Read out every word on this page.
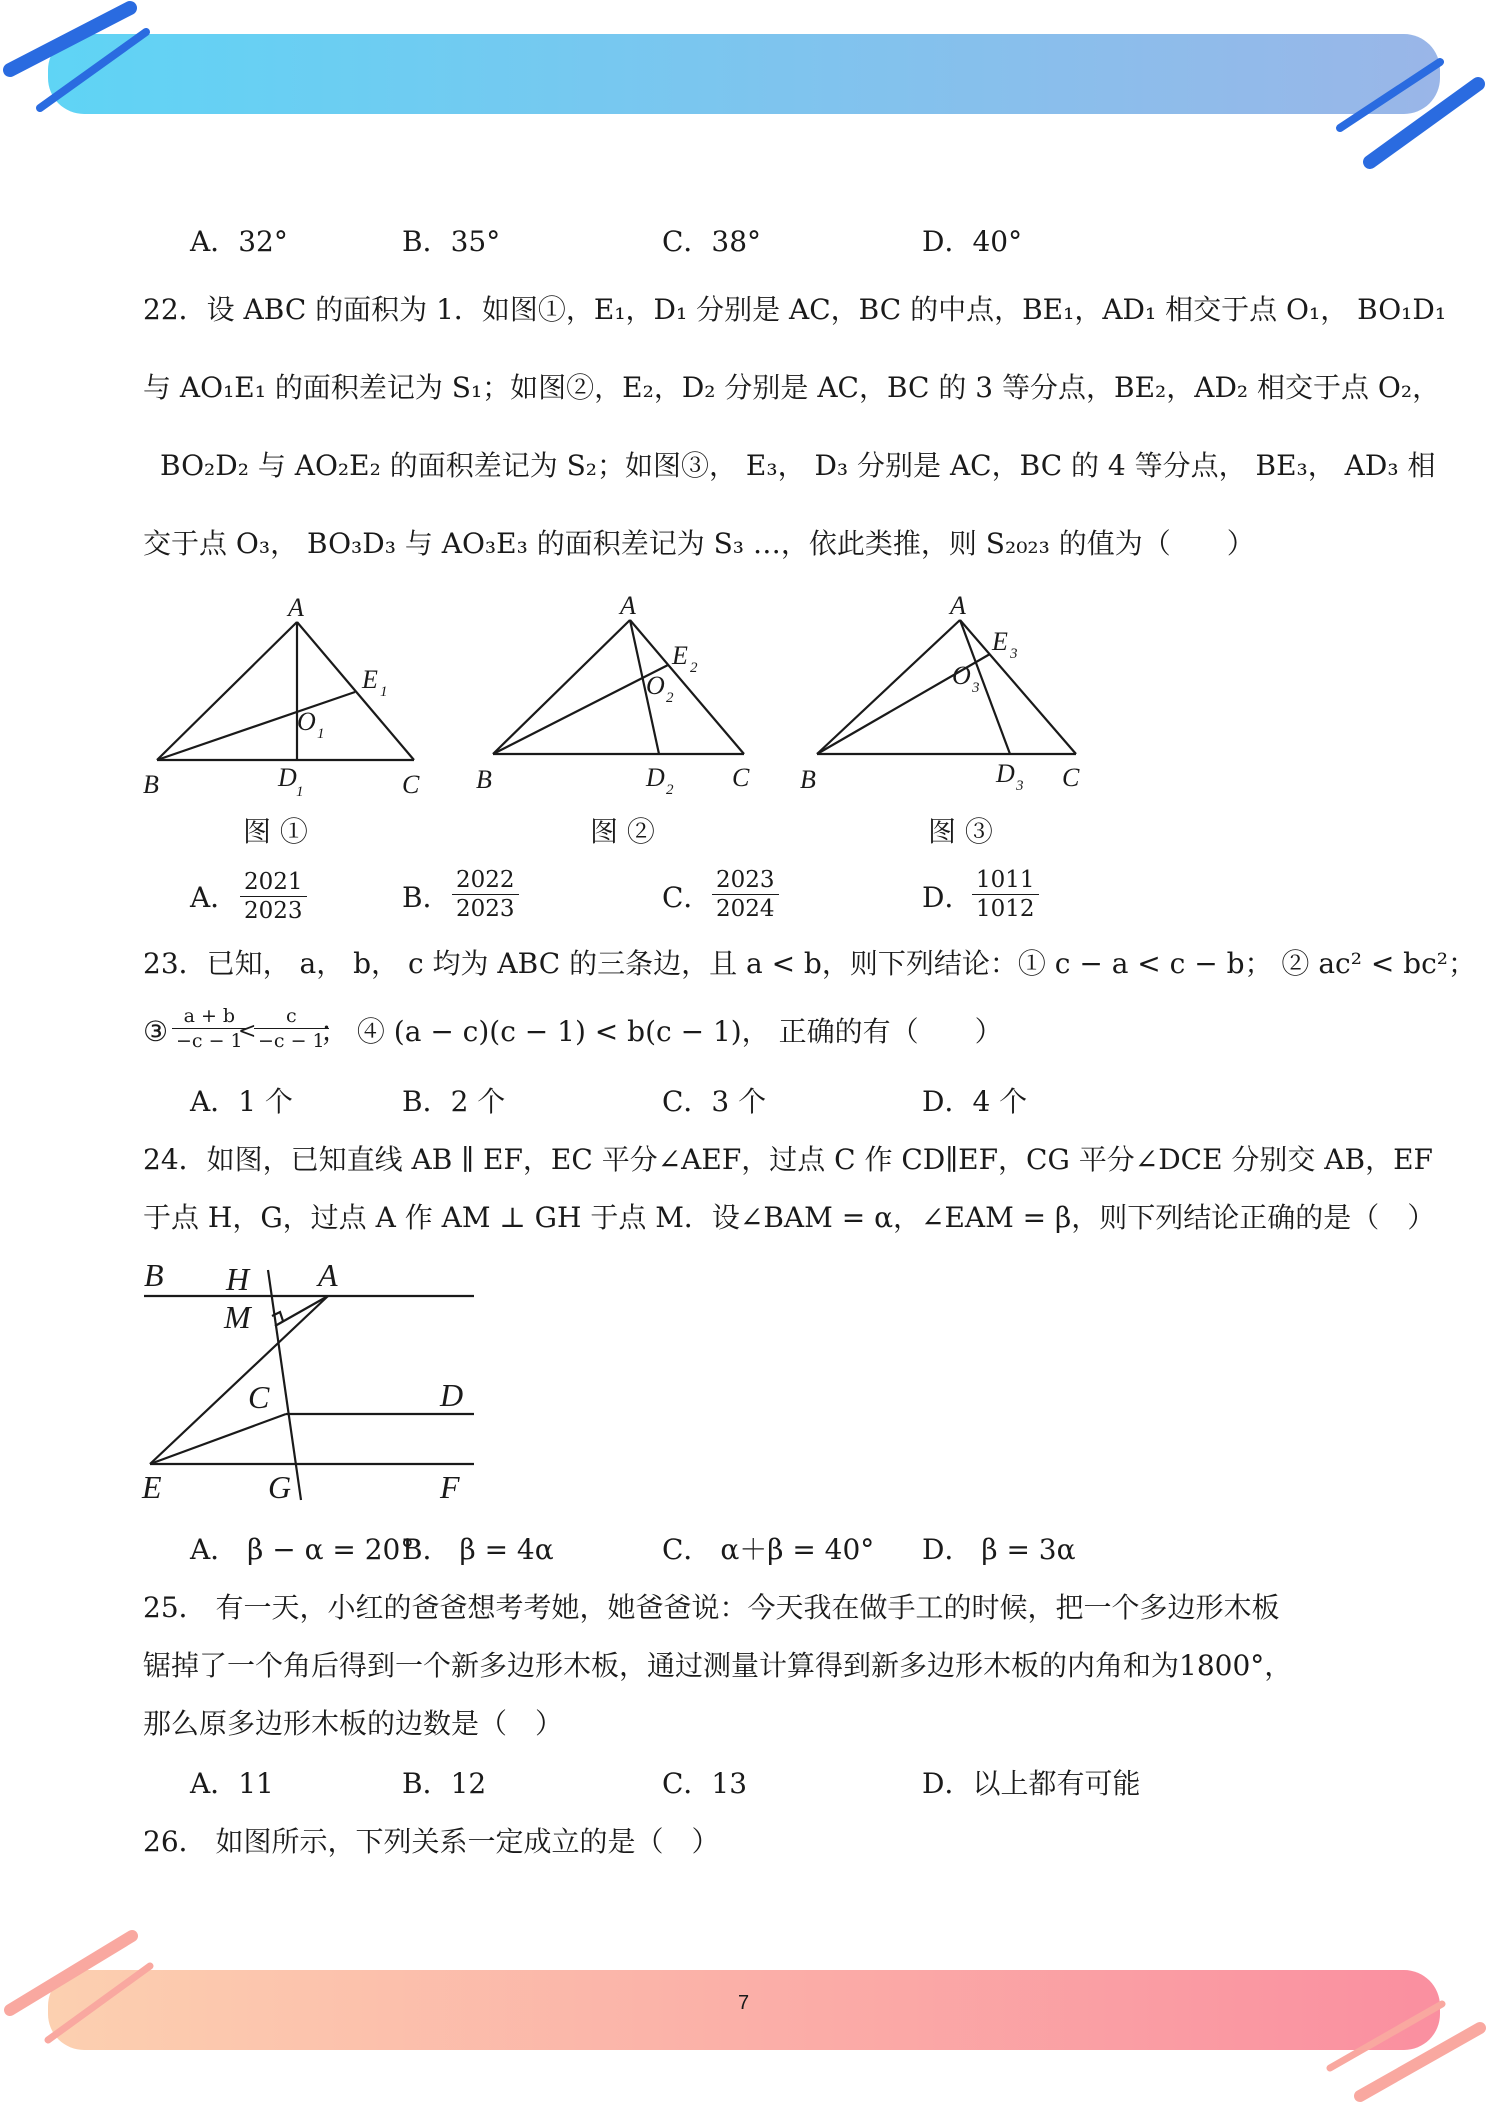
7
A．32°	B．35°	C．38°	D．40°
22．设 ABC 的面积为 1．如图①，E₁，D₁ 分别是 AC，BC 的中点，BE₁，AD₁ 相交于点 O₁， BO₁D₁
与 AO₁E₁ 的面积差记为 S₁；如图②，E₂，D₂ 分别是 AC，BC 的 3 等分点，BE₂，AD₂ 相交于点 O₂，
BO₂D₂ 与 AO₂E₂ 的面积差记为 S₂；如图③， E₃， D₃ 分别是 AC，BC 的 4 等分点， BE₃， AD₃ 相
交于点 O₃， BO₃D₃ 与 AO₃E₃ 的面积差记为 S₃ …，依此类推，则 S₂₀₂₃ 的值为（　　）
A
B	C
D 1
E 1
O 1
A
B	C
D 2
E 2
O 2
A
B	C
D 3
E 3
O 3
图 ①	图 ②	图 ③
A． $\frac{2021}{2023}$	B． $\frac{2022}{2023}$	C． $\frac{2023}{2024}$	D． $\frac{1011}{1012}$
23．已知， a， b， c 均为 ABC 的三条边，且 a < b，则下列结论：① c − a < c − b； ② ac² < bc²；
③ $\frac{a + b}{-c - 1}$
<
$\frac{c}{-c - 1}$
； ④ (a − c)(c − 1) < b(c − 1)， 正确的有（　　）
A．1 个	B．2 个	C．3 个	D．4 个
24．如图，已知直线 AB ∥ EF，EC 平分∠AEF，过点 C 作 CD∥EF，CG 平分∠DCE 分别交 AB，EF
于点 H，G，过点 A 作 AM ⊥ GH 于点 M．设∠BAM = α，∠EAM = β，则下列结论正确的是（　）
B H A
M
C	D
E	G	F
A． β − α = 20°
B． β = 4α	C． α＋β = 40° D． β = 3α
25． 有一天，小红的爸爸想考考她，她爸爸说：今天我在做手工的时候，把一个多边形木板
锯掉了一个角后得到一个新多边形木板，通过测量计算得到新多边形木板的内角和为1800°，
那么原多边形木板的边数是（　）
A．11	B．12	C．13	D．以上都有可能
26． 如图所示，下列关系一定成立的是（　）
